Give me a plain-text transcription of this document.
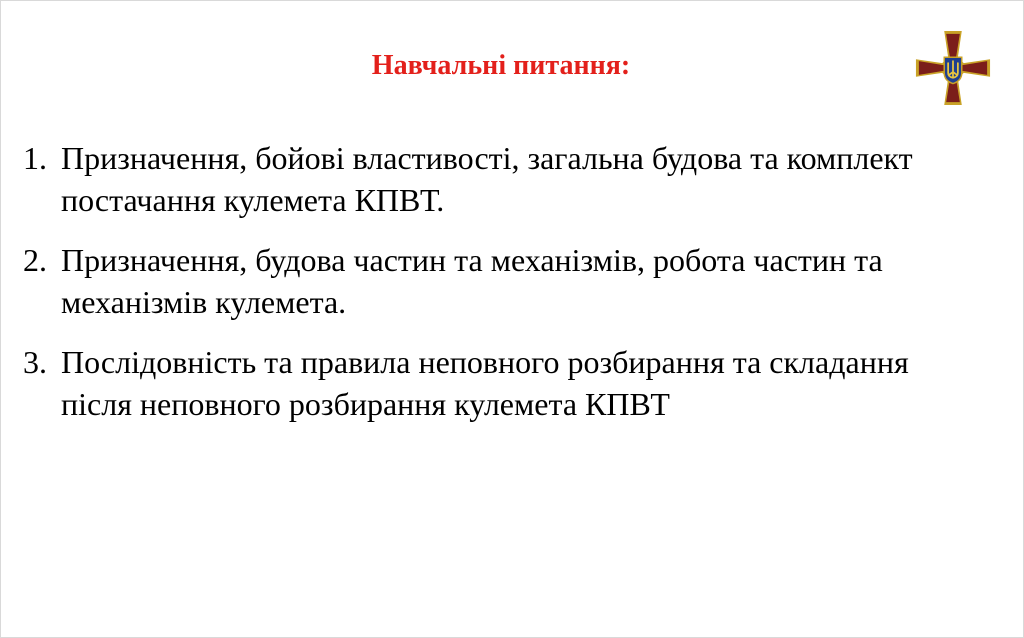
Навчальні питання:
1. Призначення, бойові властивості, загальна будова та комплект постачання кулемета КПВТ.
2. Призначення, будова частин та механізмів, робота частин та механізмів кулемета.
3. Послідовність та правила неповного розбирання та складання після неповного розбирання кулемета КПВТ
